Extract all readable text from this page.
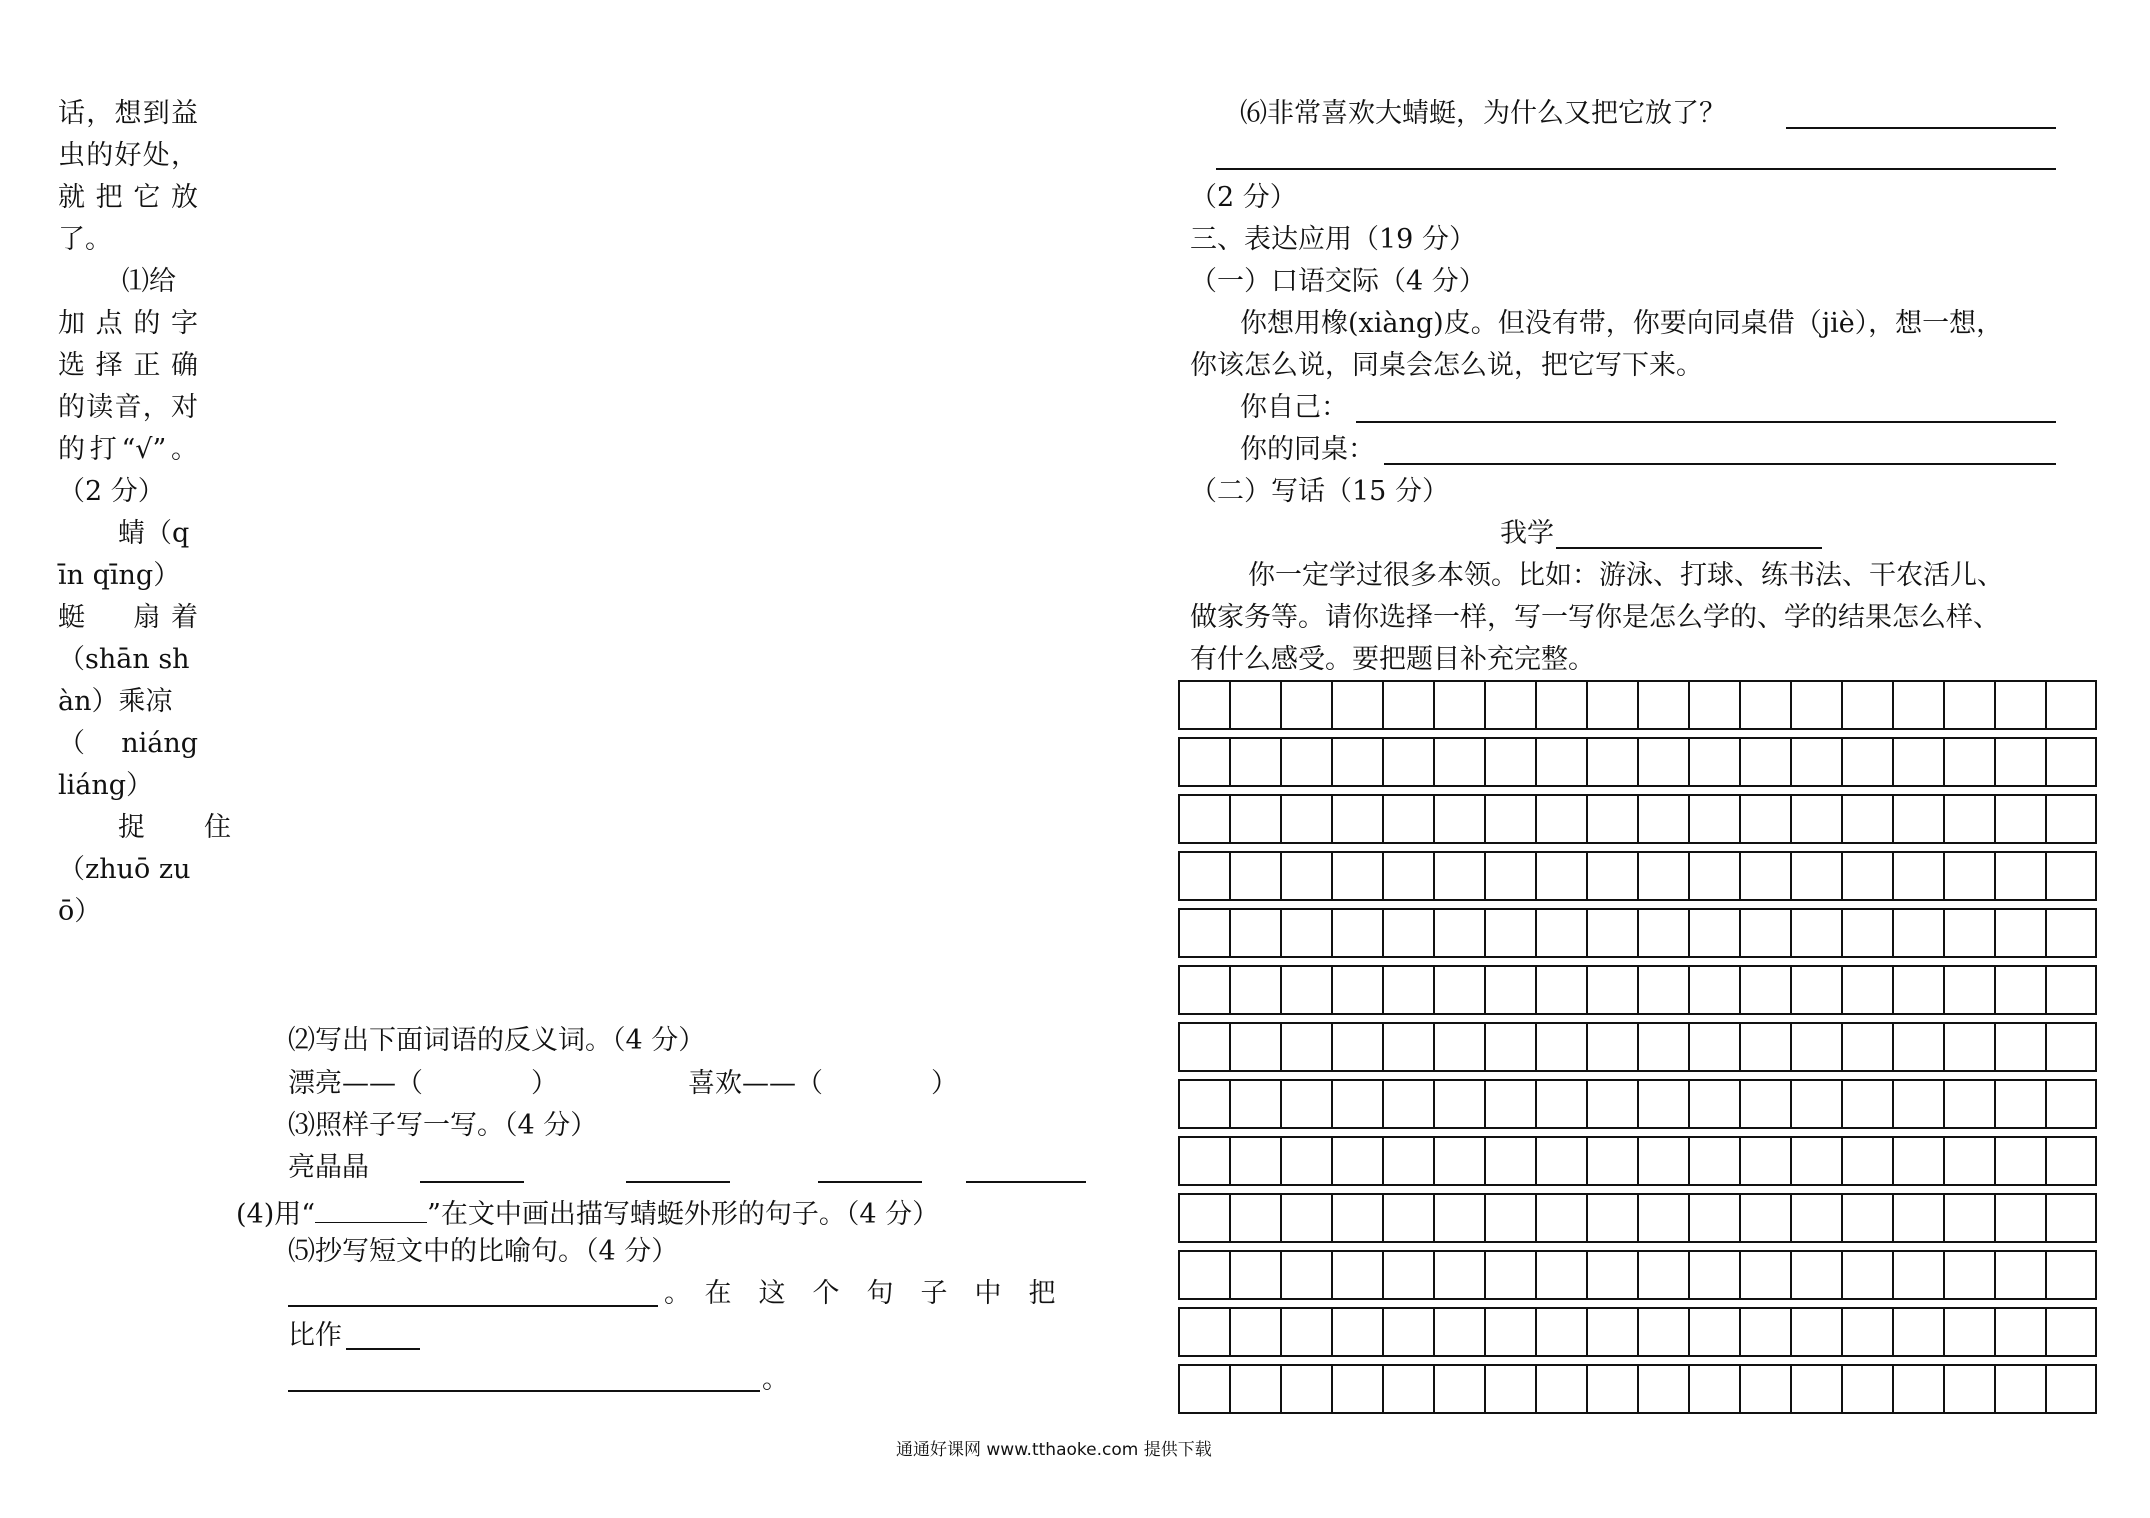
话，想到益
虫的好处，
就把它放
了。
⑴给
加点的字
选择正确
的读音，对
的打“√”。
（2 分）
蜻（q
īn qīng）
蜓　扇着
（shān sh
àn）乘凉
（niáng
liáng）
捉　住
（zhuō zu
ō）
⑵写出下面词语的反义词。（4 分）
漂亮——（　　　　）	喜欢——（　　　　）
⑶照样子写一写。（4 分）
亮晶晶
(4)用“	”在文中画出描写蜻蜓外形的句子。（4 分）
⑸抄写短文中的比喻句。（4 分）
。　在　这　个　句　子　中　把
比作
。
⑹非常喜欢大蜻蜓，为什么又把它放了？
（2 分）
三、表达应用（19 分）
（一）口语交际（4 分）
你想用橡(xiàng)皮。但没有带，你要向同桌借（jiè），想一想，
你该怎么说，同桌会怎么说，把它写下来。
你自己：
你的同桌：
（二）写话（15 分）
我学
你一定学过很多本领。比如：游泳、打球、练书法、干农活儿、
做家务等。请你选择一样，写一写你是怎么学的、学的结果怎么样、
有什么感受。要把题目补充完整。
通通好课网 www.tthaoke.com 提供下载
